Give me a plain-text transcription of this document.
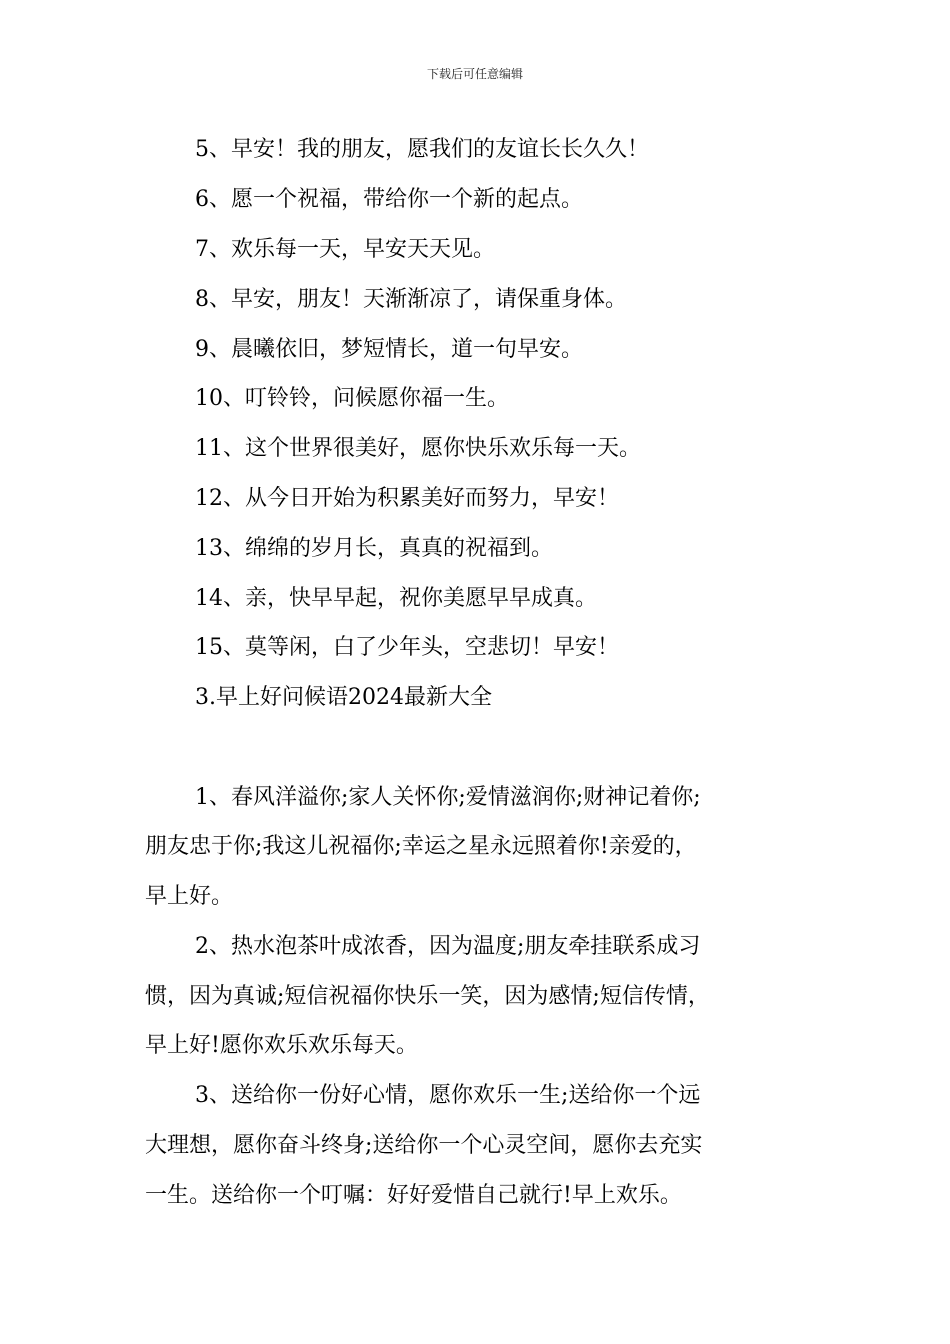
下载后可任意编辑
5、早安！我的朋友，愿我们的友谊长长久久！
6、愿一个祝福，带给你一个新的起点。
7、欢乐每一天，早安天天见。
8、早安，朋友！天渐渐凉了，请保重身体。
9、晨曦依旧，梦短情长，道一句早安。
10、叮铃铃，问候愿你福一生。
11、这个世界很美好，愿你快乐欢乐每一天。
12、从今日开始为积累美好而努力，早安！
13、绵绵的岁月长，真真的祝福到。
14、亲，快早早起，祝你美愿早早成真。
15、莫等闲，白了少年头，空悲切！早安！
3.早上好问候语2024最新大全
1、春风洋溢你;家人关怀你;爱情滋润你;财神记着你;
朋友忠于你;我这儿祝福你;幸运之星永远照着你!亲爱的，
早上好。
2、热水泡茶叶成浓香，因为温度;朋友牵挂联系成习
惯，因为真诚;短信祝福你快乐一笑，因为感情;短信传情，
早上好!愿你欢乐欢乐每天。
3、送给你一份好心情，愿你欢乐一生;送给你一个远
大理想，愿你奋斗终身;送给你一个心灵空间，愿你去充实
一生。送给你一个叮嘱：好好爱惜自己就行!早上欢乐。
